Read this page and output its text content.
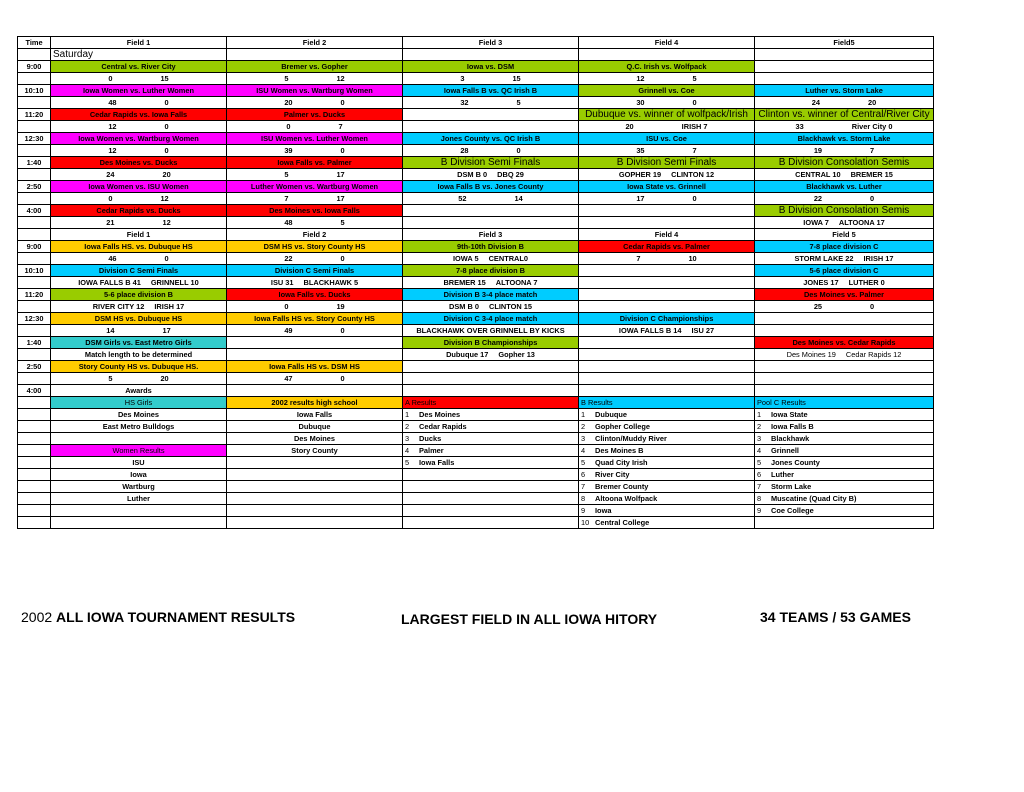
Time	Field 1	Field 2	Field 3	Field 4	Field5
	Saturday				
9:00	Central vs. River City	Bremer vs. Gopher	Iowa vs. DSM	Q.C. Irish vs. Wolfpack	
	0 15	5 12	3 15	12 5	
10:10	Iowa Women vs. Luther Women	ISU Women vs. Wartburg Women	Iowa Falls B vs. QC Irish B	Grinnell vs. Coe	Luther vs. Storm Lake
	48 0	20 0	32 5	30 0	24 20
11:20	Cedar Rapids vs. Iowa Falls	Palmer vs. Ducks		Dubuque vs. winner of wolfpack/Irish	Clinton vs. winner of Central/River City
	12 0	0 7		20 IRISH 7	33 River City 0
12:30	Iowa Women vs. Wartburg Women	ISU Women vs. Luther Women	Jones County vs. QC Irish B	ISU vs. Coe	Blackhawk vs. Storm Lake
	12 0	39 0	28 0	35 7	19 7
1:40	Des Moines vs. Ducks	Iowa Falls vs. Palmer	B Division Semi Finals	B Division Semi Finals	B Division Consolation Semis
	24 20	5 17	DSM B 0 DBQ 29	GOPHER 19 CLINTON 12	CENTRAL 10 BREMER 15
2:50	Iowa Women vs. ISU Women	Luther Women vs. Wartburg Women	Iowa Falls B vs. Jones County	Iowa State vs. Grinnell	Blackhawk vs. Luther
	0 12	7 17	52 14	17 0	22 0
4:00	Cedar Rapids vs. Ducks	Des Moines vs. Iowa Falls			B Division Consolation Semis
	21 12	48 5			IOWA 7 ALTOONA 17
	Field 1	Field 2	Field 3	Field 4	Field 5
9:00	Iowa Falls HS. vs. Dubuque HS	DSM HS vs. Story County HS	9th-10th Division B	Cedar Rapids vs. Palmer	7-8 place division C
	46 0	22 0	IOWA 5 CENTRAL0	7 10	STORM LAKE 22 IRISH 17
10:10	Division C Semi Finals	Division C Semi Finals	7-8 place division B		5-6 place division C
	IOWA FALLS B 41 GRINNELL 10	ISU 31 BLACKHAWK 5	BREMER 15 ALTOONA 7		JONES 17 LUTHER 0
11:20	5-6 place division B	Iowa Falls vs. Ducks	Division B 3-4 place match		Des Moines vs. Palmer
	RIVER CITY 12 IRISH 17	0 19	DSM B 0 CLINTON 15		25 0
12:30	DSM HS vs. Dubuque HS	Iowa Falls HS vs. Story County HS	Division C 3-4 place match	Division C Championships	
	14 17	49 0	BLACKHAWK OVER GRINNELL BY KICKS	IOWA FALLS B 14 ISU 27	
1:40	DSM Girls vs. East Metro Girls		Division B Championships		Des Moines vs. Cedar Rapids
	Match length to be determined		Dubuque 17 Gopher 13		Des Moines 19 Cedar Rapids 12
2:50	Story County HS vs. Dubuque HS.	Iowa Falls HS vs. DSM HS			
	5 20	47 0			
4:00	Awards				
	HS Girls	2002 results high school	A Results	B Results	Pool C Results
	Des Moines	Iowa Falls	1 Des Moines	1 Dubuque	1 Iowa State
	East Metro Bulldogs	Dubuque	2 Cedar Rapids	2 Gopher College	2 Iowa Falls B
		Des Moines	3 Ducks	3 Clinton/Muddy River	3 Blackhawk
	Women Results	Story County	4 Palmer	4 Des Moines B	4 Grinnell
	ISU		5 Iowa Falls	5 Quad City Irish	5 Jones County
	Iowa			6 River City	6 Luther
	Wartburg			7 Bremer County	7 Storm Lake
	Luther			8 Altoona Wolfpack	8 Muscatine (Quad City B)
				9 Iowa	9 Coe College
				10 Central College	
2002 ALL IOWA TOURNAMENT RESULTS	LARGEST FIELD IN ALL IOWA HITORY	34 TEAMS / 53 GAMES
